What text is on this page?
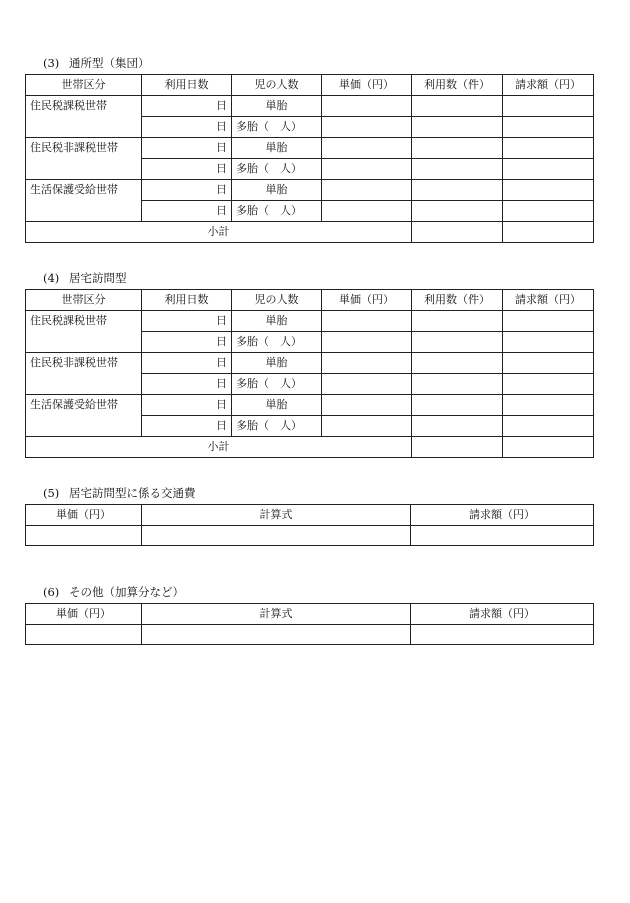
(3) 通所型（集団）
世帯区分	利用日数	児の人数	単価（円）	利用数（件）	請求額（円）
住民税課税世帯	日	単胎			
	日	多胎（　人）			
住民税非課税世帯	日	単胎			
	日	多胎（　人）			
生活保護受給世帯	日	単胎			
	日	多胎（　人）			
小計					
(4) 居宅訪問型
世帯区分	利用日数	児の人数	単価（円）	利用数（件）	請求額（円）
住民税課税世帯	日	単胎			
	日	多胎（　人）			
住民税非課税世帯	日	単胎			
	日	多胎（　人）			
生活保護受給世帯	日	単胎			
	日	多胎（　人）			
小計					
(5) 居宅訪問型に係る交通費
単価（円）	計算式	請求額（円）

(6) その他（加算分など）
単価（円）	計算式	請求額（円）
